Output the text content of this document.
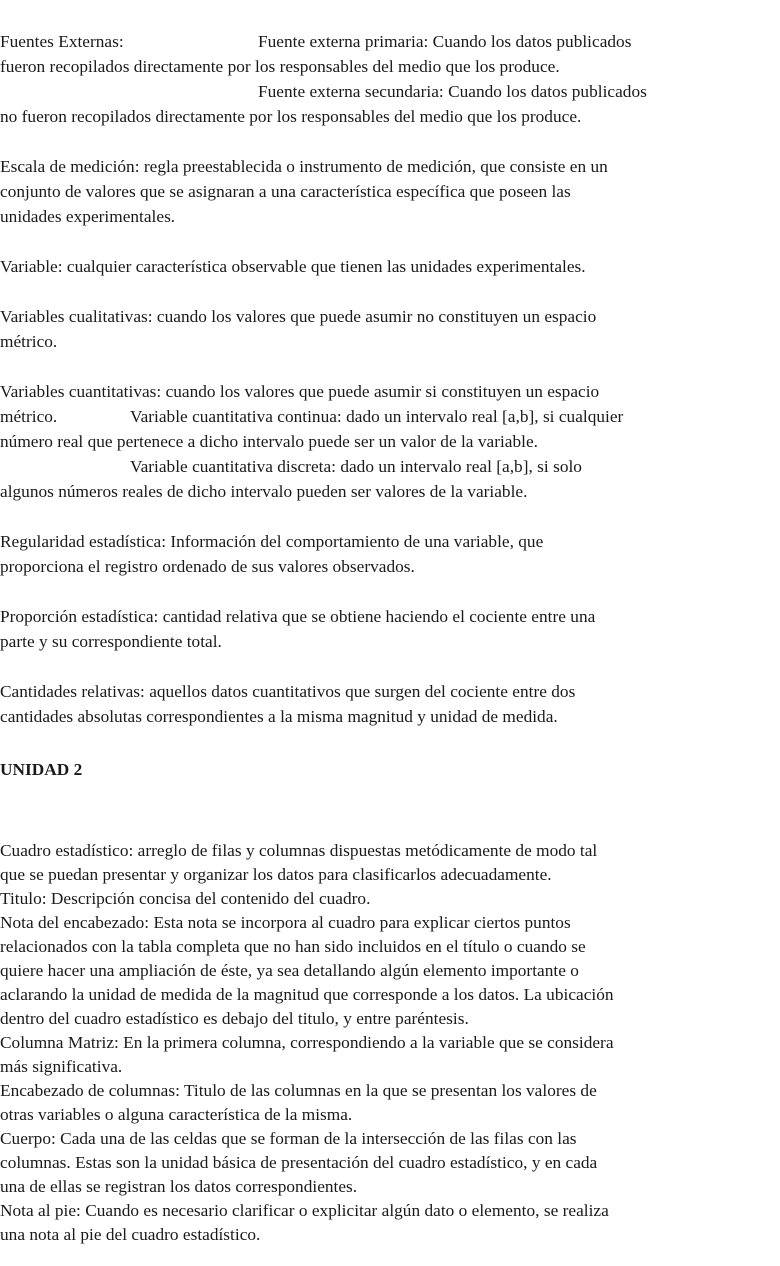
Fuentes Externas:	Fuente externa primaria: Cuando los datos publicados
fueron recopilados directamente por los responsables del medio que los produce.
Fuente externa secundaria: Cuando los datos publicados
no fueron recopilados directamente por los responsables del medio que los produce.
Escala de medición: regla preestablecida o instrumento de medición, que consiste en un
conjunto de valores que se asignaran a una característica específica que poseen las
unidades experimentales.
Variable: cualquier característica observable que tienen las unidades experimentales.
Variables cualitativas: cuando los valores que puede asumir no constituyen un espacio
métrico.
Variables cuantitativas: cuando los valores que puede asumir si constituyen un espacio
métrico.	Variable cuantitativa continua: dado un intervalo real [a,b], si cualquier
número real que pertenece a dicho intervalo puede ser un valor de la variable.
Variable cuantitativa discreta: dado un intervalo real [a,b], si solo
algunos números reales de dicho intervalo pueden ser valores de la variable.
Regularidad estadística: Información del comportamiento de una variable, que
proporciona el registro ordenado de sus valores observados.
Proporción estadística: cantidad relativa que se obtiene haciendo el cociente entre una
parte y su correspondiente total.
Cantidades relativas: aquellos datos cuantitativos que surgen del cociente entre dos
cantidades absolutas correspondientes a la misma magnitud y unidad de medida.
UNIDAD 2
Cuadro estadístico: arreglo de filas y columnas dispuestas metódicamente de modo tal
que se puedan presentar y organizar los datos para clasificarlos adecuadamente.
Titulo: Descripción concisa del contenido del cuadro.
Nota del encabezado: Esta nota se incorpora al cuadro para explicar ciertos puntos
relacionados con la tabla completa que no han sido incluidos en el título o cuando se
quiere hacer una ampliación de éste, ya sea detallando algún elemento importante o
aclarando la unidad de medida de la magnitud que corresponde a los datos. La ubicación
dentro del cuadro estadístico es debajo del titulo, y entre paréntesis.
Columna Matriz: En la primera columna, correspondiendo a la variable que se considera
más significativa.
Encabezado de columnas: Titulo de las columnas en la que se presentan los valores de
otras variables o alguna característica de la misma.
Cuerpo: Cada una de las celdas que se forman de la intersección de las filas con las
columnas. Estas son la unidad básica de presentación del cuadro estadístico, y en cada
una de ellas se registran los datos correspondientes.
Nota al pie: Cuando es necesario clarificar o explicitar algún dato o elemento, se realiza
una nota al pie del cuadro estadístico.
